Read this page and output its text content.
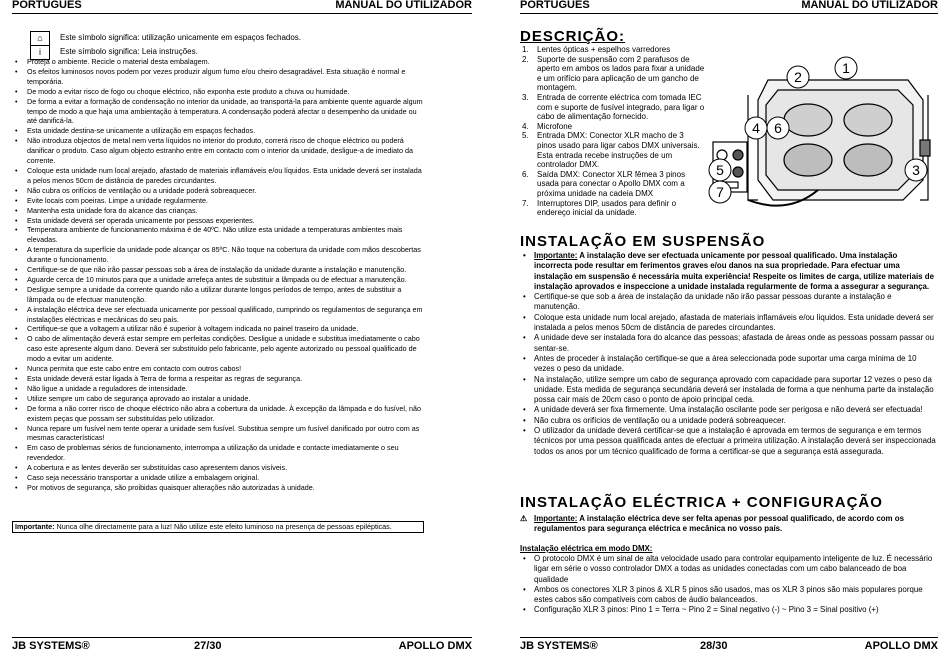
PORTUGUÊS	MANUAL DO UTILIZADOR
⌂	Este símbolo significa: utilização unicamente em espaços fechados.
i	Este símbolo significa: Leia instruções.
• Proteja o ambiente. Recicle o material desta embalagem.
• Os efeitos luminosos novos podem por vezes produzir algum fumo e/ou cheiro desagradável. Esta situação é normal e temporária.
• De modo a evitar risco de fogo ou choque eléctrico, não exponha este produto a chuva ou humidade.
• De forma a evitar a formação de condensação no interior da unidade, ao transportá-la para ambiente quente aguarde algum tempo de modo a que haja uma ambientação à temperatura. A condensação poderá afectar o desempenho da unidade ou até danificá-la.
• Esta unidade destina-se unicamente a utilização em espaços fechados.
• Não introduza objectos de metal nem verta líquidos no interior do produto, correrá risco de choque eléctrico ou poderá danificar o produto. Caso algum objecto estranho entre em contacto com o interior da unidade, desligue-a de imediato da corrente.
• Coloque esta unidade num local arejado, afastado de materiais inflamáveis e/ou líquidos. Esta unidade deverá ser instalada a pelos menos 50cm de distância de paredes circundantes.
• Não cubra os orifícios de ventilação ou a unidade poderá sobreaquecer.
• Evite locais com poeiras. Limpe a unidade regularmente.
• Mantenha esta unidade fora do alcance das crianças.
• Esta unidade deverá ser operada unicamente por pessoas experientes.
• Temperatura ambiente de funcionamento máxima é de 40ºC. Não utilize esta unidade a temperaturas ambientes mais elevadas.
• A temperatura da superfície da unidade pode alcançar os 85ºC. Não toque na cobertura da unidade com mãos descobertas durante o funcionamento.
• Certifique-se de que não irão passar pessoas sob a área de instalação da unidade durante a instalação e manutenção.
• Aguarde cerca de 10 minutos para que a unidade arrefeça antes de substituir a lâmpada ou de efectuar a manutenção.
• Desligue sempre a unidade da corrente quando não a utilizar durante longos períodos de tempo, antes de substituir a lâmpada ou de efectuar manutenção.
• A instalação eléctrica deve ser efectuada unicamente por pessoal qualificado, cumprindo os regulamentos de segurança em instalações eléctricas e mecânicas do seu país.
• Certifique-se que a voltagem a utilizar não é superior à voltagem indicada no painel traseiro da unidade.
• O cabo de alimentação deverá estar sempre em perfeitas condições. Desligue a unidade e substitua imediatamente o cabo caso este apresente algum dano. Deverá ser substituído pelo fabricante, pelo agente autorizado ou pessoal qualificado de modo a evitar um acidente.
• Nunca permita que este cabo entre em contacto com outros cabos!
• Esta unidade deverá estar ligada à Terra de forma a respeitar as regras de segurança.
• Não ligue a unidade a reguladores de intensidade.
• Utilize sempre um cabo de segurança aprovado ao instalar a unidade.
• De forma a não correr risco de choque eléctrico não abra a cobertura da unidade. À excepção da lâmpada e do fusível, não existem peças que possam ser substituídas pelo utilizador.
• Nunca repare um fusível nem tente operar a unidade sem fusível. Substitua sempre um fusível danificado por outro com as mesmas características!
• Em caso de problemas sérios de funcionamento, interrompa a utilização da unidade e contacte imediatamente o seu revendedor.
• A cobertura e as lentes deverão ser substituídas caso apresentem danos visíveis.
• Caso seja necessário transportar a unidade utilize a embalagem original.
• Por motivos de segurança, são proibidas quaisquer alterações não autorizadas à unidade.
Importante: Nunca olhe directamente para a luz! Não utilize este efeito luminoso na presença de pessoas epilépticas.
JB SYSTEMS®	27/30	APOLLO DMX
PORTUGUÊS	MANUAL DO UTILIZADOR
DESCRIÇÃO:
1. Lentes ópticas + espelhos varredores
2. Suporte de suspensão com 2 parafusos de aperto em ambos os lados para fixar a unidade e um orifício para aplicação de um gancho de montagem.
3. Entrada de corrente eléctrica com tomada IEC com e suporte de fusível integrado, para ligar o cabo de alimentação fornecido.
4. Microfone
5. Entrada DMX: Conector XLR macho de 3 pinos usado para ligar cabos DMX universais. Esta entrada recebe instruções de um controlador DMX.
6. Saída DMX: Conector XLR fêmea 3 pinos usada para conectar o Apollo DMX com a próxima unidade na cadeia DMX
7. Interruptores DIP, usados para definir o endereço inicial da unidade.
1
2
3
4 6
5
7
INSTALAÇÃO EM SUSPENSÃO
• Importante: A instalação deve ser efectuada unicamente por pessoal qualificado. Uma instalação incorrecta pode resultar em ferimentos graves e/ou danos na sua propriedade. Para efectuar uma instalação em suspensão é necessária muita experiência! Respeite os limites de carga, utilize materiais de instalação aprovados e inspeccione a unidade instalada regularmente de forma a assegurar a segurança.
• Certifique-se que sob a área de instalação da unidade não irão passar pessoas durante a instalação e manutenção.
• Coloque esta unidade num local arejado, afastada de materiais inflamáveis e/ou líquidos. Esta unidade deverá ser instalada a pelos menos 50cm de distância de paredes circundantes.
• A unidade deve ser instalada fora do alcance das pessoas; afastada de áreas onde as pessoas possam passar ou sentar-se.
• Antes de proceder à instalação certifique-se que a área seleccionada pode suportar uma carga mínima de 10 vezes o peso da unidade.
• Na instalação, utilize sempre um cabo de segurança aprovado com capacidade para suportar 12 vezes o peso da unidade. Esta medida de segurança secundária deverá ser instalada de forma a que nenhuma parte da instalação possa cair mais de 20cm caso o ponto de apoio principal ceda.
• A unidade deverá ser fixa firmemente. Uma instalação oscilante pode ser perigosa e não deverá ser efectuada!
• Não cubra os orifícios de ventilação ou a unidade poderá sobreaquecer.
• O utilizador da unidade deverá certificar-se que a instalação é aprovada em termos de segurança e em termos técnicos por uma pessoa qualificada antes de efectuar a primeira utilização. A instalação deverá ser inspeccionada todos os anos por um técnico qualificado de forma a certificar-se que a segurança está assegurada.
INSTALAÇÃO ELÉCTRICA + CONFIGURAÇÃO
⚠ Importante: A instalação eléctrica deve ser felta apenas por pessoal qualificado, de acordo com os regulamentos para segurança eléctrica e mecânica no vosso país.
Instalação eléctrica em modo DMX:
• O protocolo DMX é um sinal de alta velocidade usado para controlar equipamento inteligente de luz. É necessário ligar em série o vosso controlador DMX a todas as unidades conectadas com um cabo balanceado de boa qualidade
• Ambos os conectores XLR 3 pinos & XLR 5 pinos são usados, mas os XLR 3 pinos são mais populares porque estes cabos são compatíveis com cabos de áudio balanceados.
• Configuração XLR 3 pinos: Pino 1 = Terra ~ Pino 2 = Sinal negativo (-) ~ Pino 3 = Sinal positivo (+)
JB SYSTEMS®	28/30	APOLLO DMX
